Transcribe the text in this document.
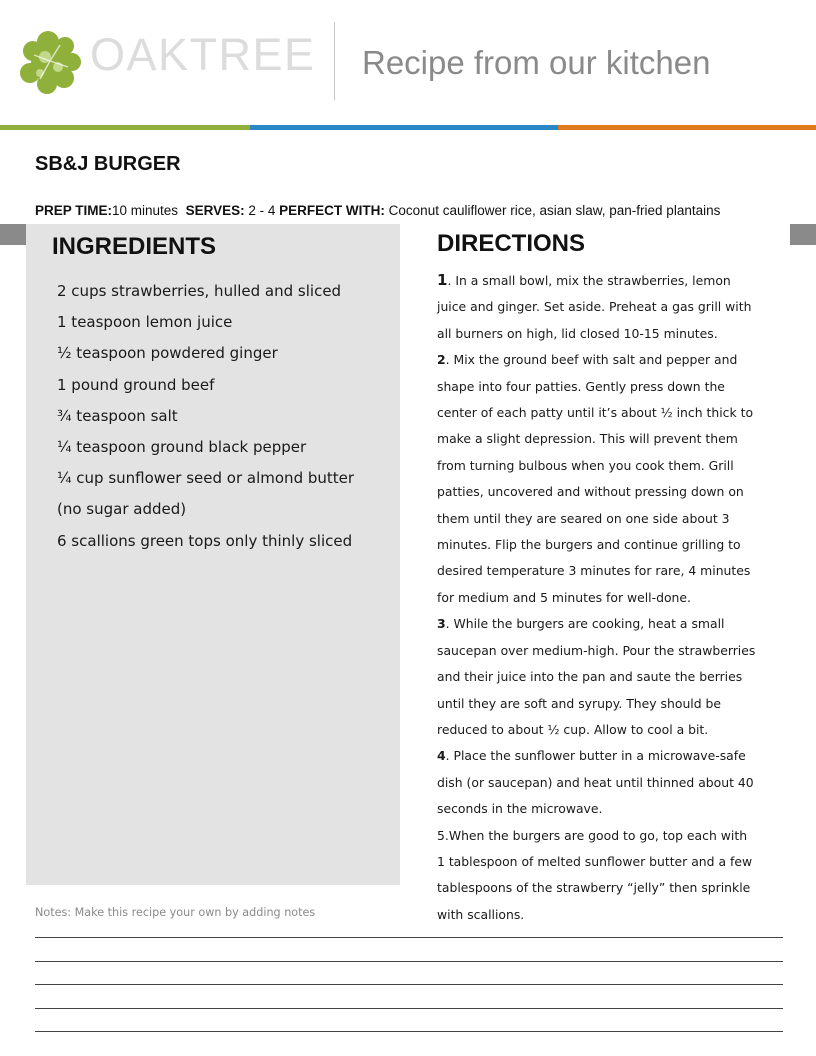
OAKTREE Recipe from our kitchen
SB&J BURGER
PREP TIME:10 minutes SERVES: 2 - 4 PERFECT WITH: Coconut cauliflower rice, asian slaw, pan-fried plantains
INGREDIENTS
2 cups strawberries, hulled and sliced
1 teaspoon lemon juice
½ teaspoon powdered ginger
1 pound ground beef
¾ teaspoon salt
¼ teaspoon ground black pepper
¼ cup sunflower seed or almond butter (no sugar added)
6 scallions green tops only thinly sliced
DIRECTIONS

1. In a small bowl, mix the strawberries, lemon juice and ginger. Set aside. Preheat a gas grill with all burners on high, lid closed 10-15 minutes.

2. Mix the ground beef with salt and pepper and shape into four patties. Gently press down the center of each patty until it’s about ½ inch thick to make a slight depression. This will prevent them from turning bulbous when you cook them. Grill patties, uncovered and without pressing down on them until they are seared on one side about 3 minutes. Flip the burgers and continue grilling to desired temperature 3 minutes for rare, 4 minutes for medium and 5 minutes for well-done.

3. While the burgers are cooking, heat a small saucepan over medium-high. Pour the strawberries and their juice into the pan and saute the berries until they are soft and syrupy. They should be reduced to about ½ cup. Allow to cool a bit.

4. Place the sunflower butter in a microwave-safe dish (or saucepan) and heat until thinned about 40 seconds in the microwave.

5.When the burgers are good to go, top each with 1 tablespoon of melted sunflower butter and a few tablespoons of the strawberry “jelly” then sprinkle with scallions.

Notes: Make this recipe your own by adding notes
